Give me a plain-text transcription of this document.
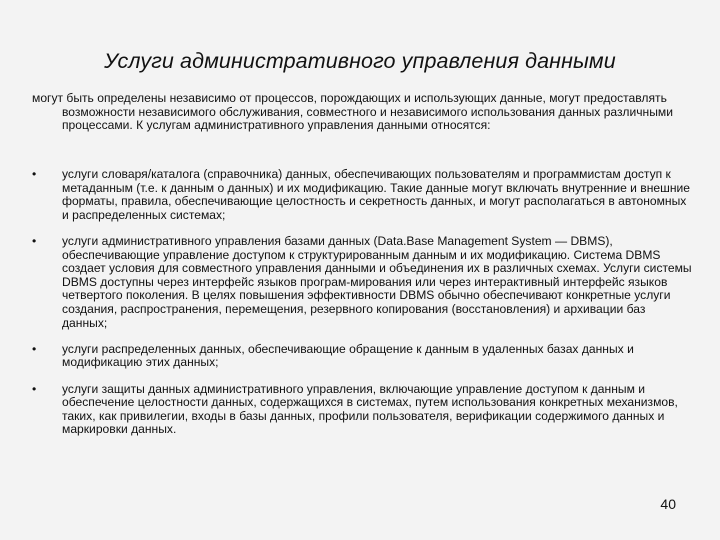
Услуги административного управления данными
могут быть определены независимо от процессов, порождающих и использующих данные, могут предоставлять возможности независимого обслуживания, совместного и независимого использования данных различными процессами. К услугам административного управления данными относятся:
•	услуги словаря/каталога (справочника) данных, обеспечивающих пользователям и программистам доступ к метаданным (т.е. к данным о данных) и их модификацию. Такие данные могут включать внутренние и внешние форматы, правила, обеспечивающие целостность и секретность данных, и могут располагаться в автономных и распределенных системах;
•	услуги административного управления базами данных (Data.Base Management System — DBMS), обеспечивающие управление доступом к структурированным данным и их модификацию. Система DBMS создает условия для совместного управления данными и объединения их в различных схемах. Услуги системы DBMS доступны через интерфейс языков програм-мирования или через интерактивный интерфейс языков четвертого поколения. В целях повышения эффективности DBMS обычно обеспечивают конкретные услуги создания, распространения, перемещения, резервного копирования (восстановления) и архивации баз данных;
•	услуги распределенных данных, обеспечивающие обращение к данным в удаленных базах данных и модификацию этих данных;
•	услуги защиты данных административного управления, включающие управление доступом к данным и обеспечение целостности данных, содержащихся в системах, путем использования конкретных механизмов, таких, как привилегии, входы в базы данных, профили пользователя, верификации содержимого данных и маркировки данных.
40
